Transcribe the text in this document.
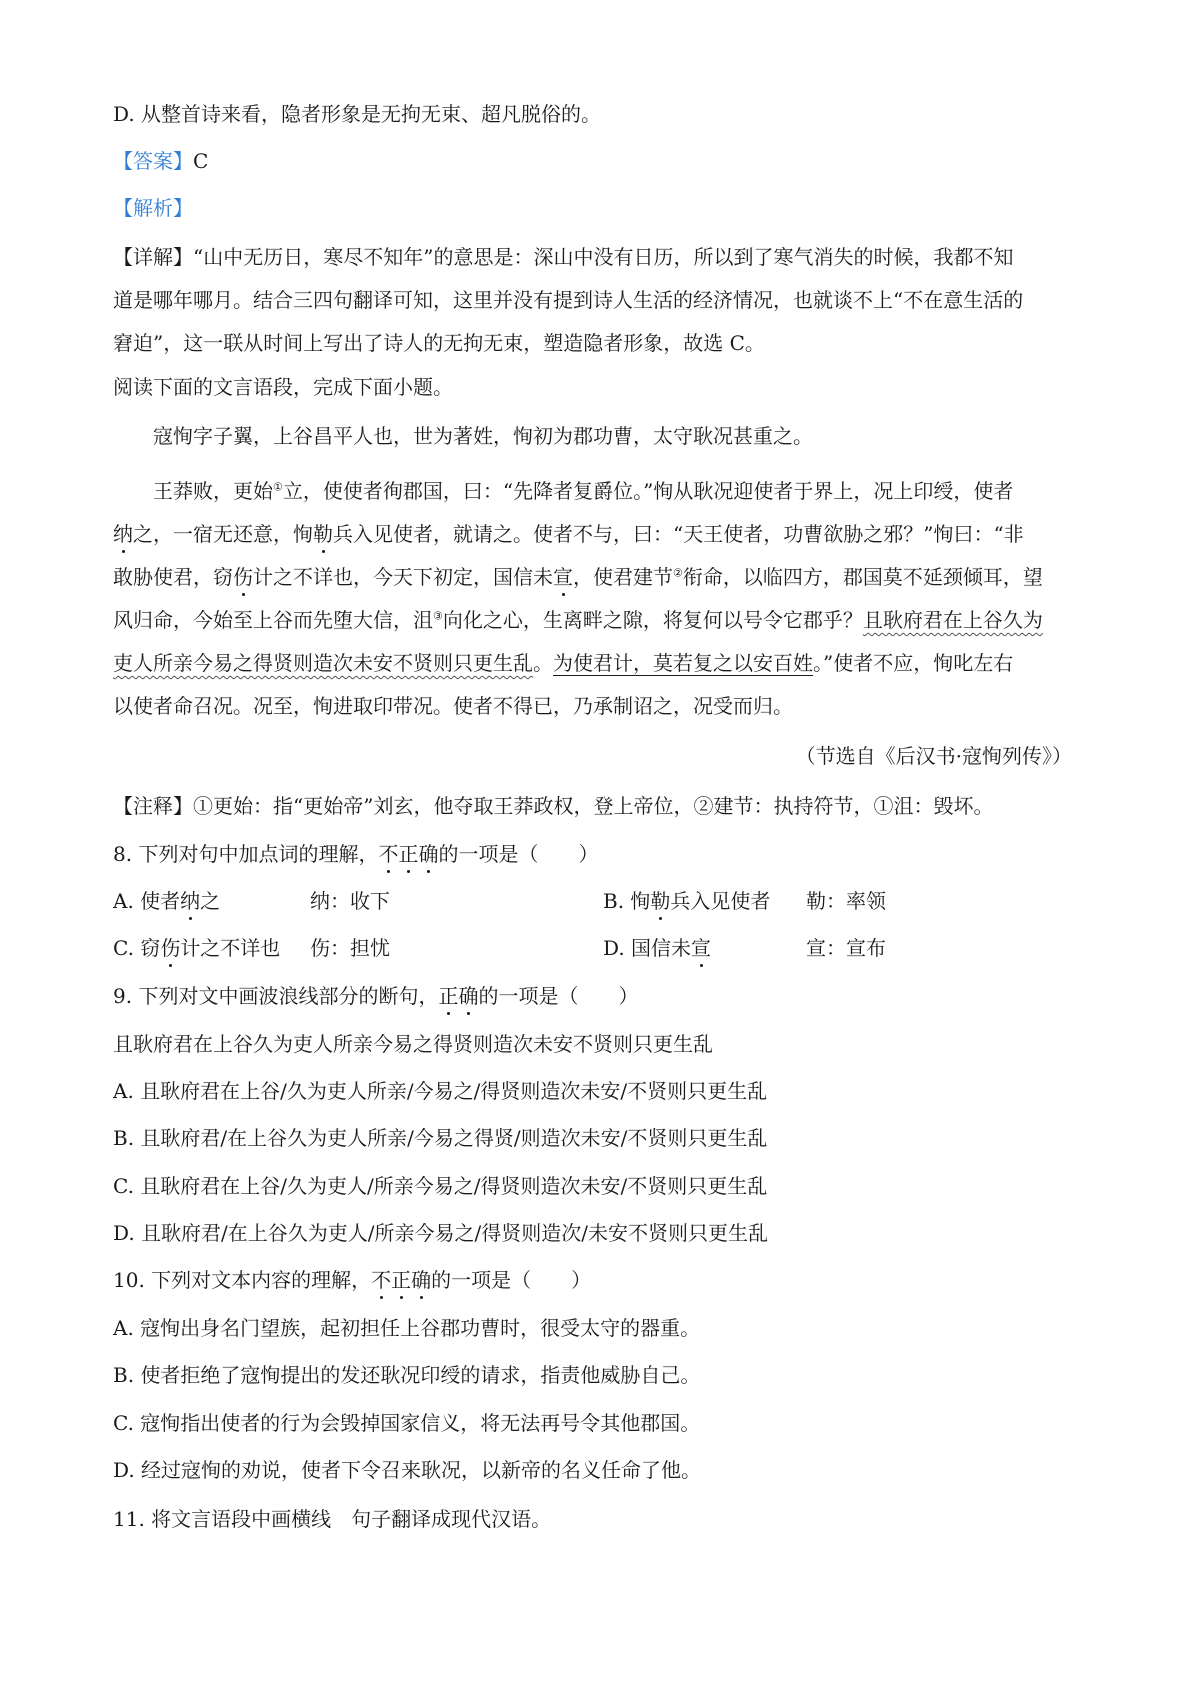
D. 从整首诗来看，隐者形象是无拘无束、超凡脱俗的。
【答案】C
【解析】
【详解】“山中无历日，寒尽不知年”的意思是：深山中没有日历，所以到了寒气消失的时候，我都不知
道是哪年哪月。结合三四句翻译可知，这里并没有提到诗人生活的经济情况，也就谈不上“不在意生活的
窘迫”，这一联从时间上写出了诗人的无拘无束，塑造隐者形象，故选 C。
阅读下面的文言语段，完成下面小题。
寇恂字子翼，上谷昌平人也，世为著姓，恂初为郡功曹，太守耿况甚重之。
王莽败，更始①立，使使者徇郡国，曰：“先降者复爵位。”恂从耿况迎使者于界上，况上印绶，使者
纳之，一宿无还意，恂勒兵入见使者，就请之。使者不与，曰：“天王使者，功曹欲胁之邪？”恂曰：“非
敢胁使君，窃伤计之不详也，今天下初定，国信未宣，使君建节②衔命，以临四方，郡国莫不延颈倾耳，望
风归命，今始至上谷而先堕大信，沮③向化之心，生离畔之隙，将复何以号令它郡乎？且耿府君在上谷久为
吏人所亲今易之得贤则造次未安不贤则只更生乱。为使君计，莫若复之以安百姓。”使者不应，恂叱左右
以使者命召况。况至，恂进取印带况。使者不得已，乃承制诏之，况受而归。
（节选自《后汉书·寇恂列传》）
【注释】①更始：指“更始帝”刘玄，他夺取王莽政权，登上帝位，②建节：执持符节，①沮：毁坏。
8. 下列对句中加点词的理解，不正确的一项是（　　）
A. 使者纳之	纳：收下	B. 恂勒兵入见使者 勒：率领
C. 窃伤计之不详也 伤：担忧	D. 国信未宣	宣：宣布
9. 下列对文中画波浪线部分的断句，正确的一项是（　　）
且耿府君在上谷久为吏人所亲今易之得贤则造次未安不贤则只更生乱
A. 且耿府君在上谷/久为吏人所亲/今易之/得贤则造次未安/不贤则只更生乱
B. 且耿府君/在上谷久为吏人所亲/今易之得贤/则造次未安/不贤则只更生乱
C. 且耿府君在上谷/久为吏人/所亲今易之/得贤则造次未安/不贤则只更生乱
D. 且耿府君/在上谷久为吏人/所亲今易之/得贤则造次/未安不贤则只更生乱
10. 下列对文本内容的理解，不正确的一项是（　　）
A. 寇恂出身名门望族，起初担任上谷郡功曹时，很受太守的器重。
B. 使者拒绝了寇恂提出的发还耿况印绶的请求，指责他威胁自己。
C. 寇恂指出使者的行为会毁掉国家信义，将无法再号令其他郡国。
D. 经过寇恂的劝说，使者下令召来耿况，以新帝的名义任命了他。
11. 将文言语段中画横线　句子翻译成现代汉语。
